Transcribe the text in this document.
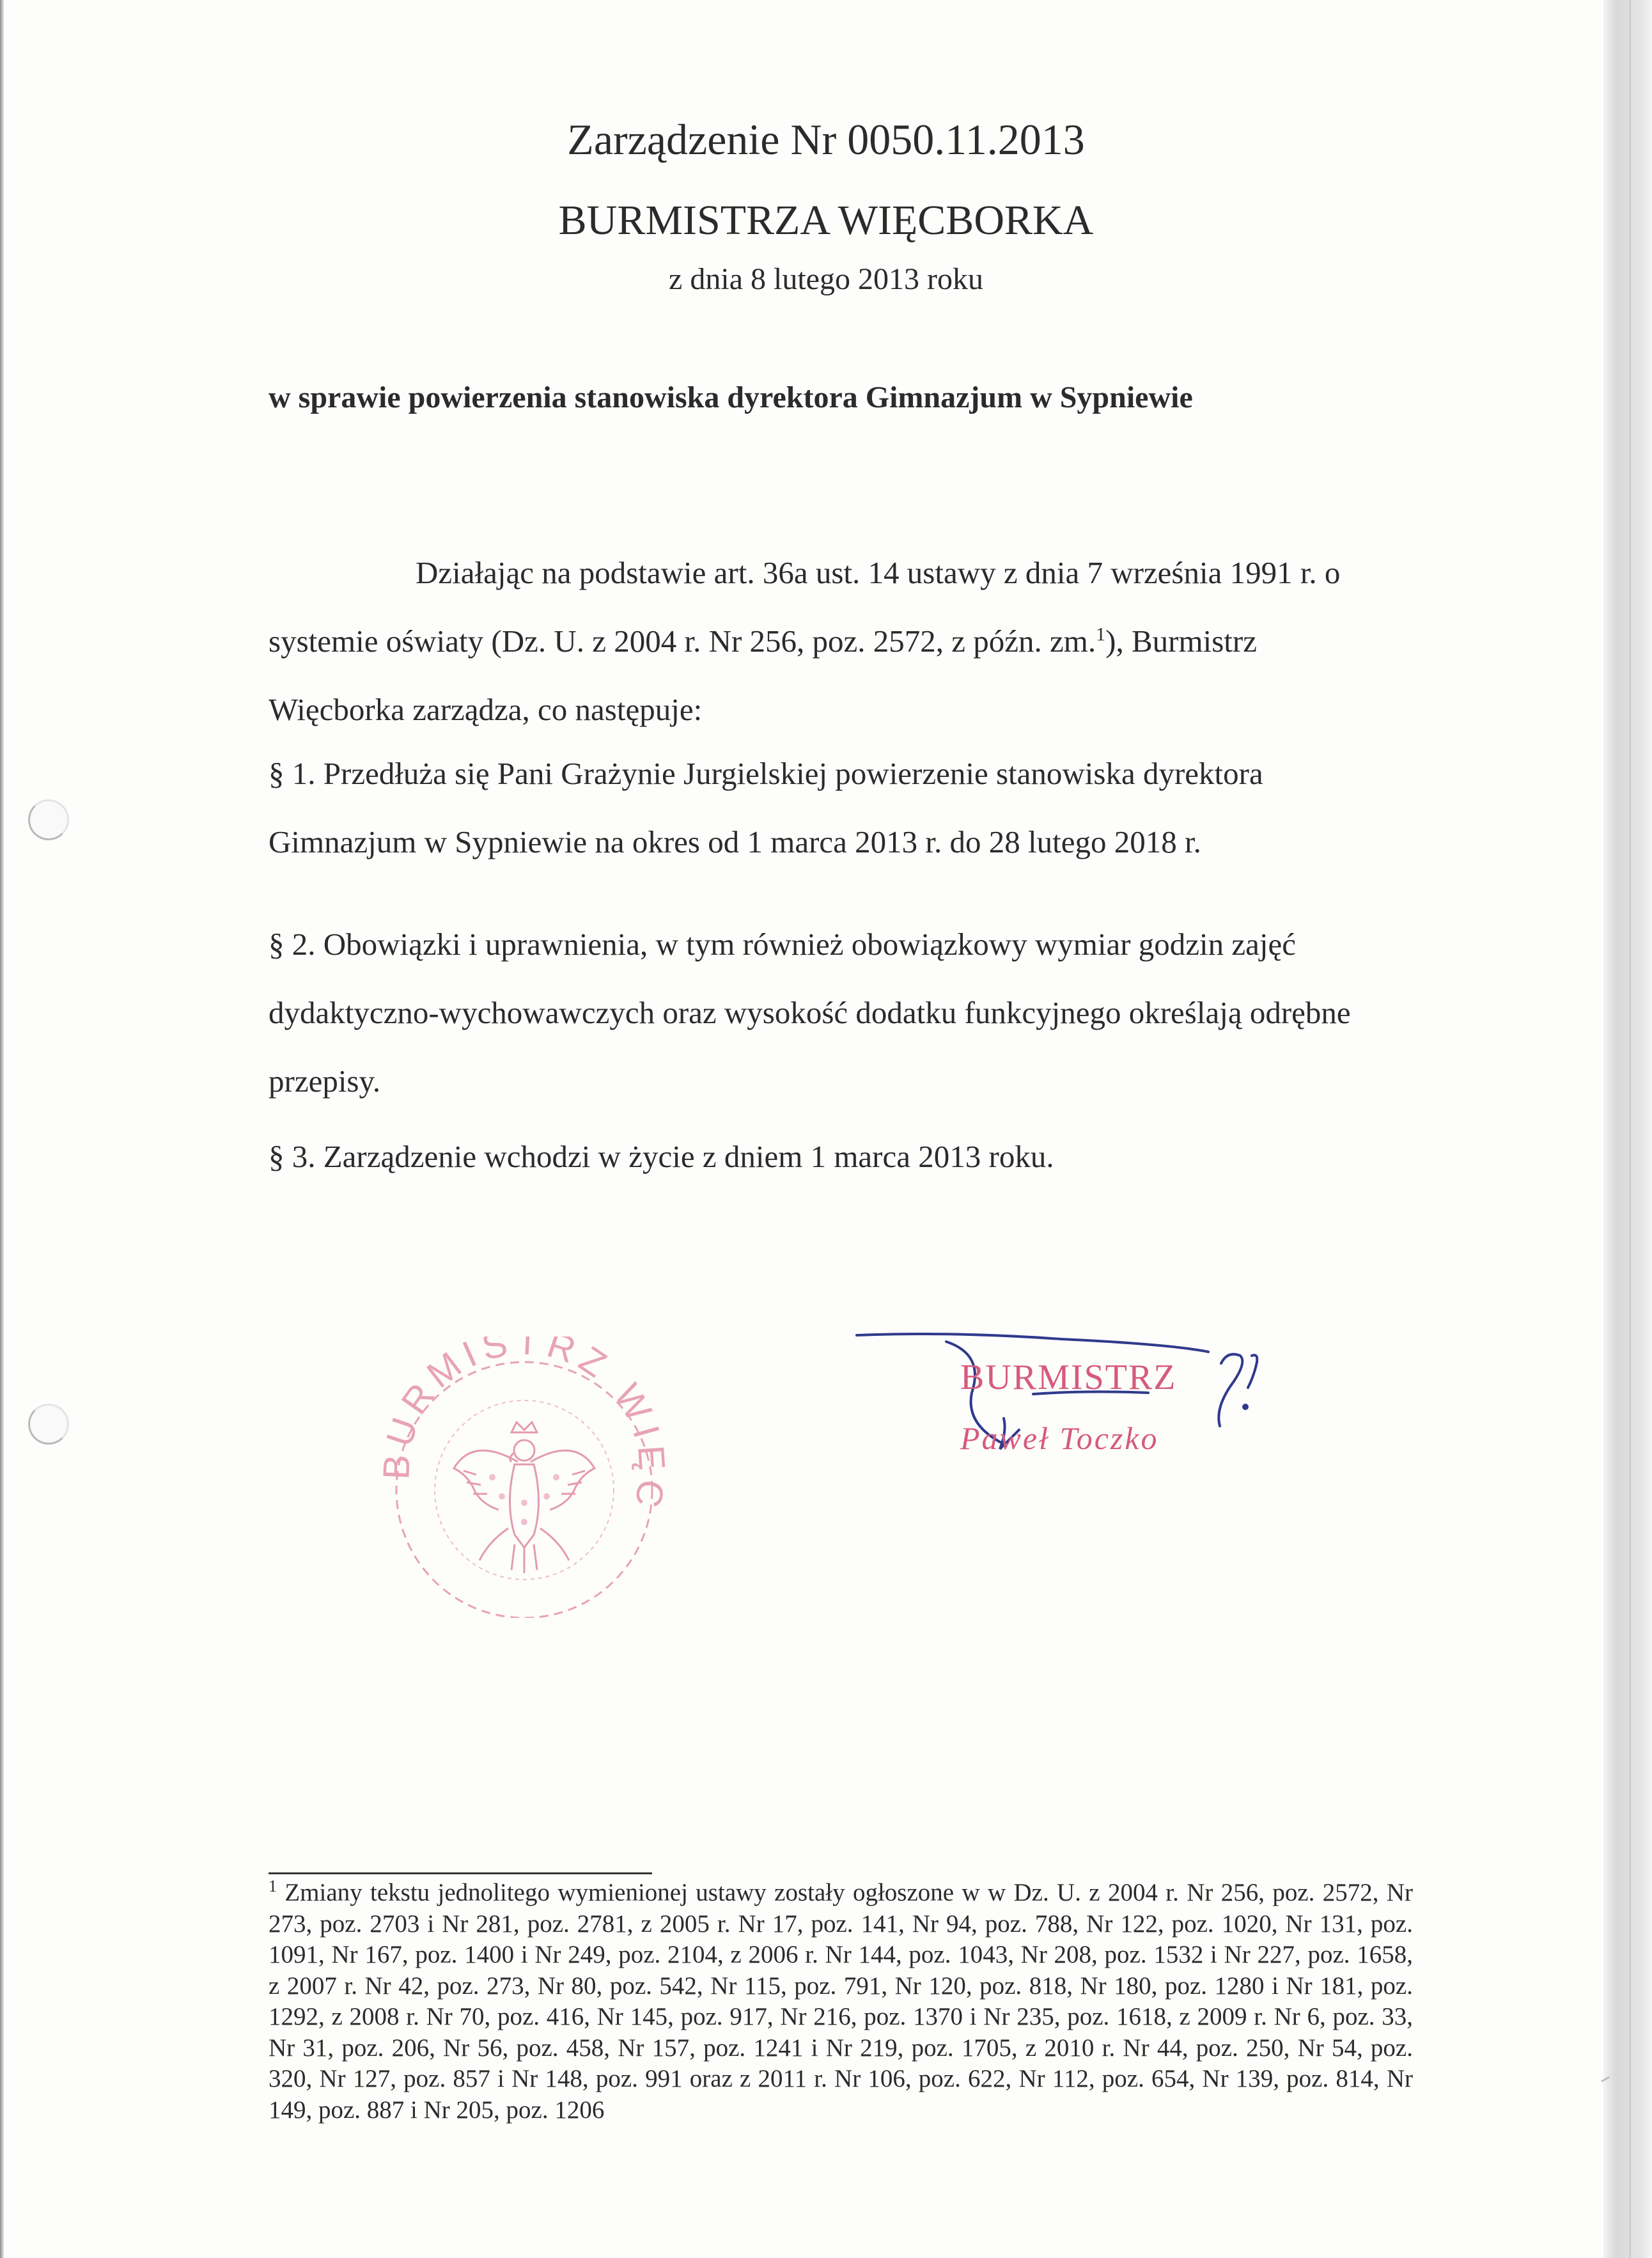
Zarządzenie Nr 0050.11.2013
BURMISTRZA WIĘCBORKA
z dnia 8 lutego 2013 roku
w sprawie powierzenia stanowiska dyrektora Gimnazjum w Sypniewie
Działając na podstawie art. 36a ust. 14 ustawy z dnia 7 września 1991 r. o systemie oświaty (Dz. U. z 2004 r. Nr 256, poz. 2572, z późn. zm.$^1$), Burmistrz Więcborka zarządza, co następuje:
§ 1. Przedłuża się Pani Grażynie Jurgielskiej powierzenie stanowiska dyrektora Gimnazjum w Sypniewie na okres od 1 marca 2013 r. do 28 lutego 2018 r.
§ 2. Obowiązki i uprawnienia, w tym również obowiązkowy wymiar godzin zajęć dydaktyczno-wychowawczych oraz wysokość dodatku funkcyjnego określają odrębne przepisy.
§ 3. Zarządzenie wchodzi w życie z dniem 1 marca 2013 roku.
BURMISTRZ WIĘC
BURMISTRZ
Paweł Toczko
$^1$ Zmiany tekstu jednolitego wymienionej ustawy zostały ogłoszone w w Dz. U. z 2004 r. Nr 256, poz. 2572, Nr 273, poz. 2703 i Nr 281, poz. 2781, z 2005 r. Nr 17, poz. 141, Nr 94, poz. 788, Nr 122, poz. 1020, Nr 131, poz. 1091, Nr 167, poz. 1400 i Nr 249, poz. 2104, z 2006 r. Nr 144, poz. 1043, Nr 208, poz. 1532 i Nr 227, poz. 1658, z 2007 r. Nr 42, poz. 273, Nr 80, poz. 542, Nr 115, poz. 791, Nr 120, poz. 818, Nr 180, poz. 1280 i Nr 181, poz. 1292, z 2008 r. Nr 70, poz. 416, Nr 145, poz. 917, Nr 216, poz. 1370 i Nr 235, poz. 1618, z 2009 r. Nr 6, poz. 33, Nr 31, poz. 206, Nr 56, poz. 458, Nr 157, poz. 1241 i Nr 219, poz. 1705, z 2010 r. Nr 44, poz. 250, Nr 54, poz. 320, Nr 127, poz. 857 i Nr 148, poz. 991 oraz z 2011 r. Nr 106, poz. 622, Nr 112, poz. 654, Nr 139, poz. 814, Nr 149, poz. 887 i Nr 205, poz. 1206
